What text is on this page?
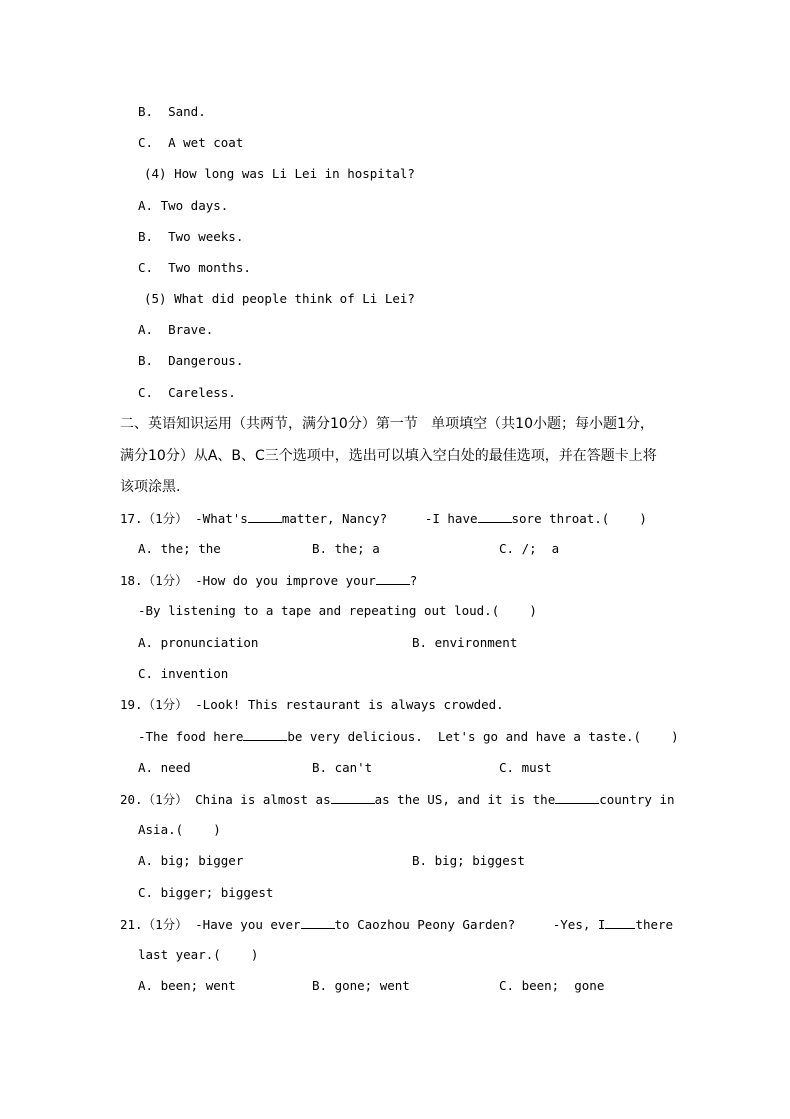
B.  Sand.
C.  A wet coat
(4) How long was Li Lei in hospital?
A. Two days.
B.  Two weeks.
C.  Two months.
(5) What did people think of Li Lei?
A.  Brave.
B.  Dangerous.
C.  Careless.
二、英语知识运用（共两节，满分10分）第一节   单项填空（共10小题；每小题1分，
满分10分）从A、B、C三个选项中，选出可以填入空白处的最佳选项，并在答题卡上将
该项涂黑.
17.（1分） -What's	matter, Nancy?     -I have	sore throat.(    )
A. the; the	B. the; a	C. /;  a
18.（1分） -How do you improve your	?
-By listening to a tape and repeating out loud.(    )
A. pronunciation	B. environment
C. invention
19.（1分） -Look! This restaurant is always crowded.
-The food here	be very delicious.  Let's go and have a taste.(    )
A. need	B. can't	C. must
20.（1分） China is almost as	as the US, and it is the	country in
Asia.(    )
A. big; bigger	B. big; biggest
C. bigger; biggest
21.（1分） -Have you ever	to Caozhou Peony Garden?     -Yes, I there
last year.(    )
A. been; went	B. gone; went	C. been;  gone
